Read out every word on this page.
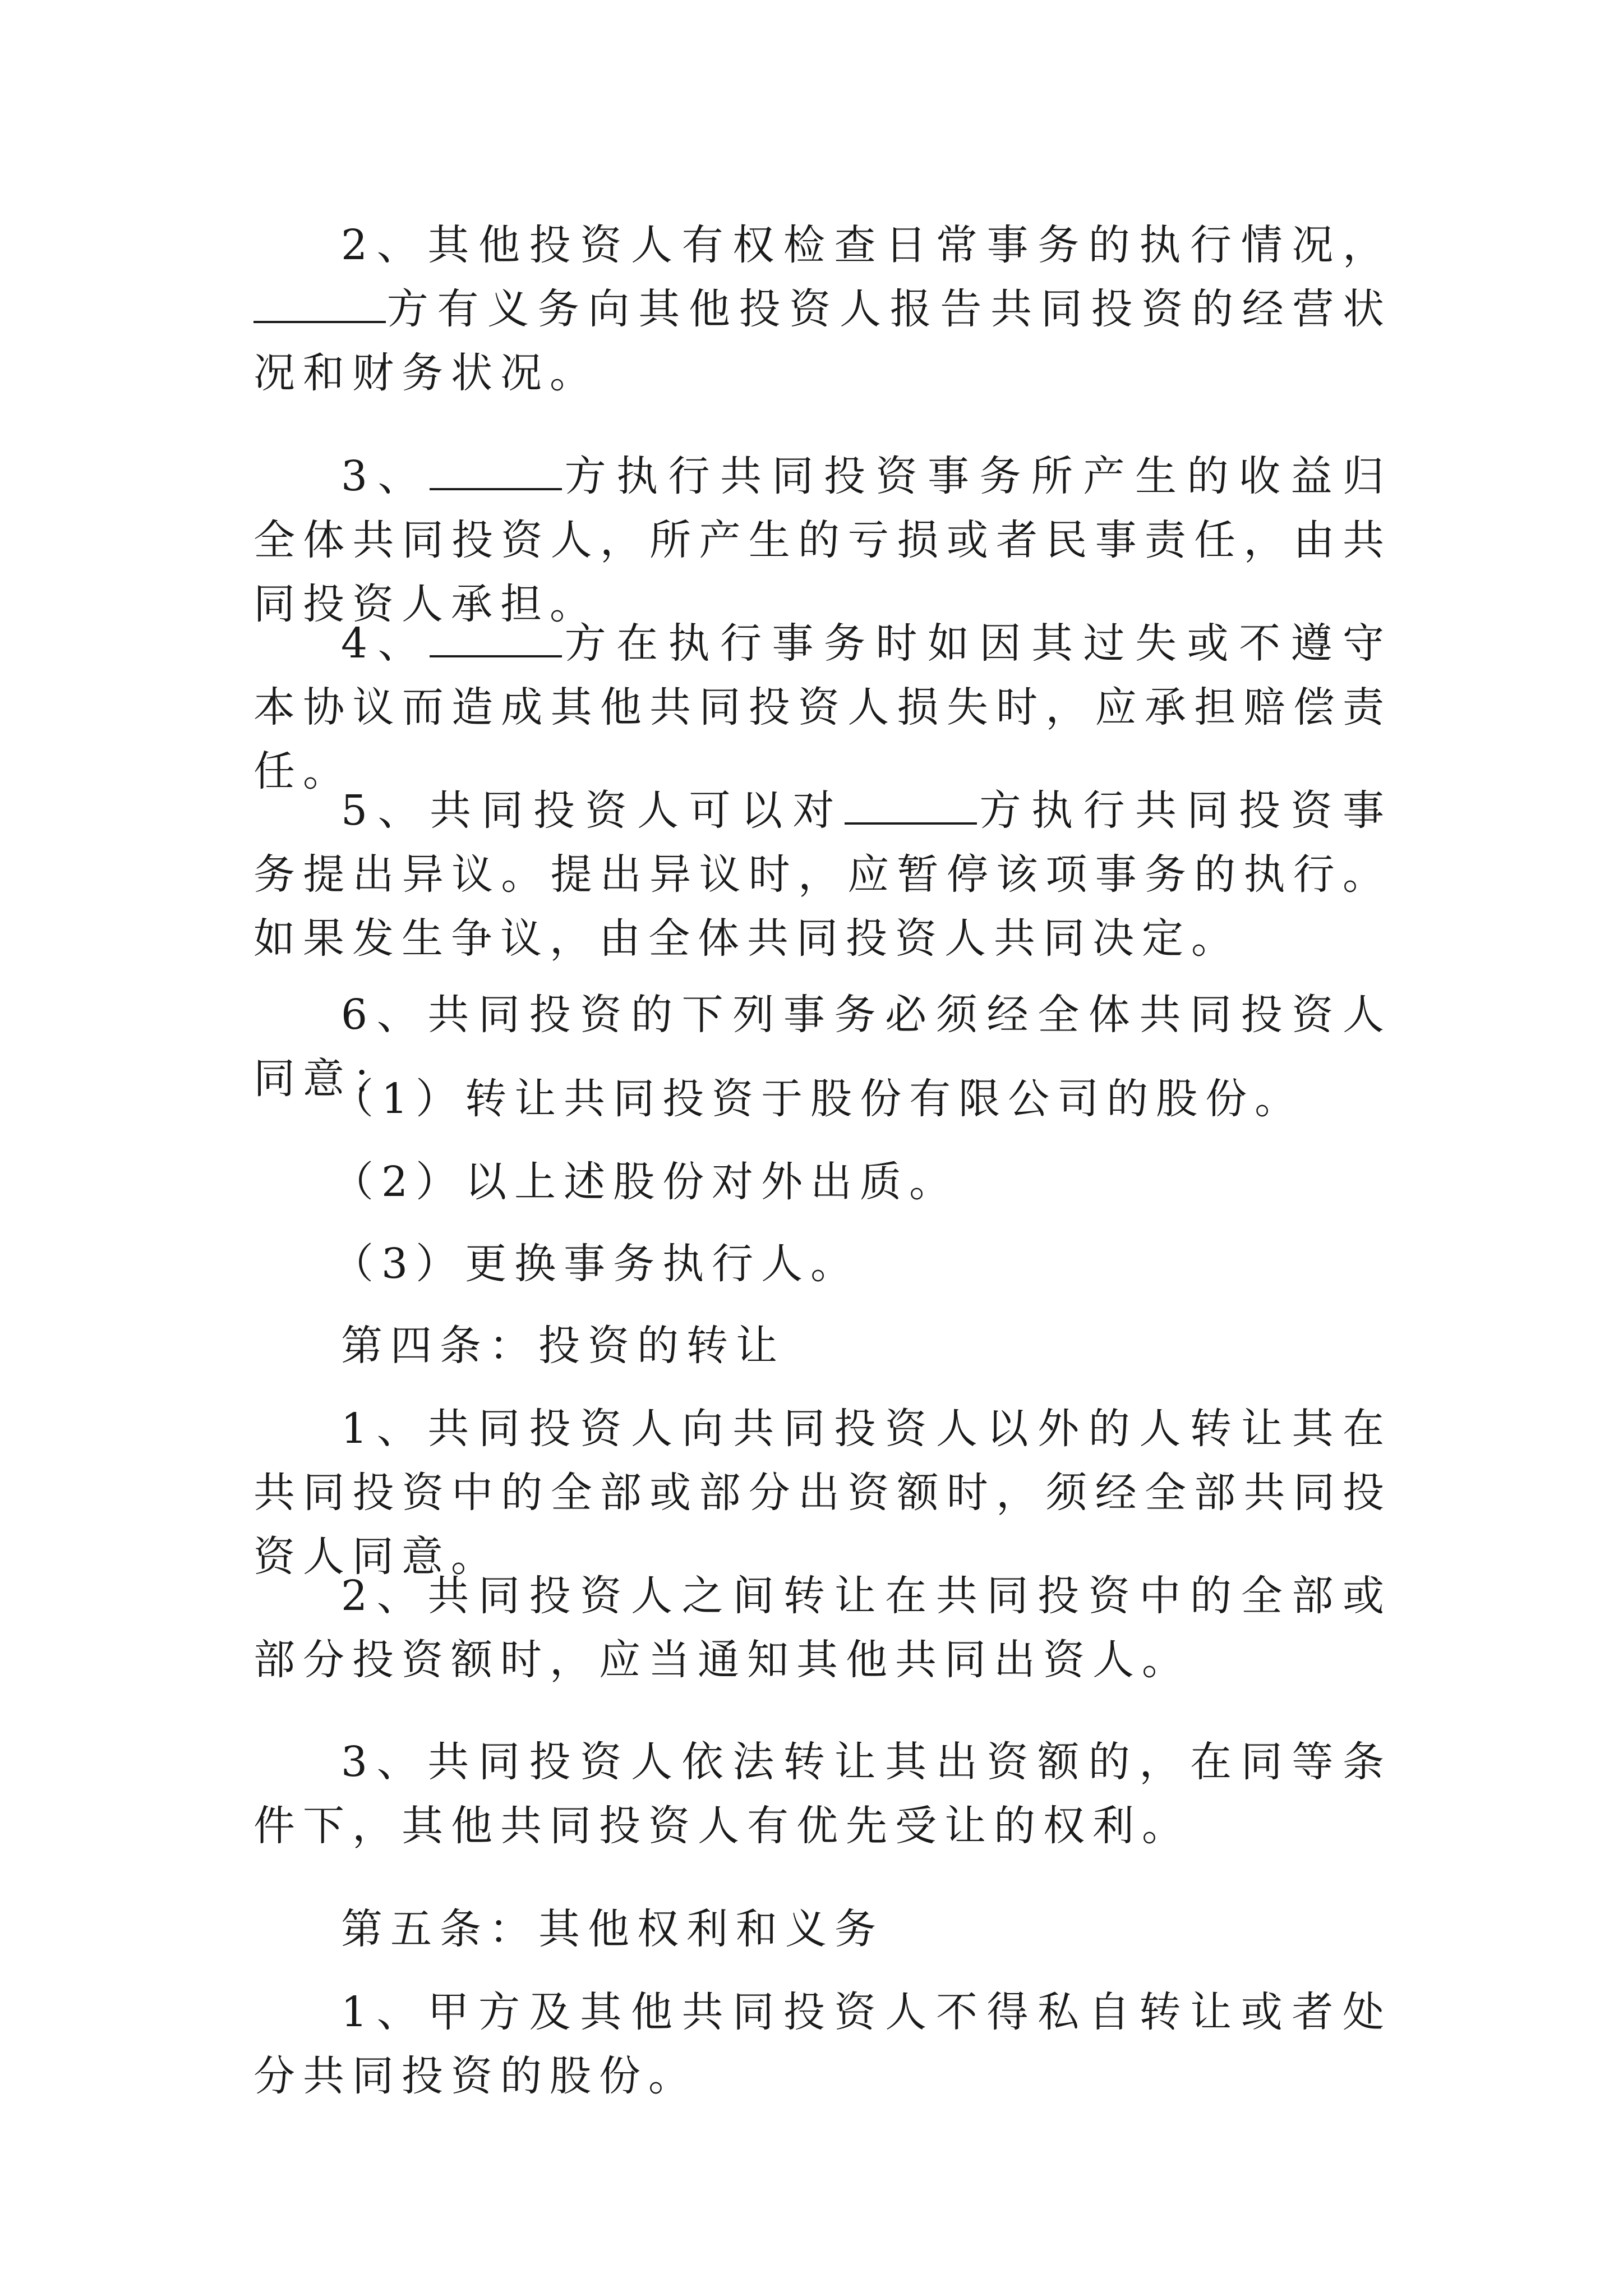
2、其他投资人有权检查日常事务的执行情况，方有义务向其他投资人报告共同投资的经营状况和财务状况。

3、	方执行共同投资事务所产生的收益归全体共同投资人，所产生的亏损或者民事责任，由共同投资人承担。

4、	方在执行事务时如因其过失或不遵守本协议而造成其他共同投资人损失时，应承担赔偿责任。

5、共同投资人可以对	方执行共同投资事务提出异议。提出异议时，应暂停该项事务的执行。如果发生争议，由全体共同投资人共同决定。

6、共同投资的下列事务必须经全体共同投资人同意：

（1）转让共同投资于股份有限公司的股份。

（2）以上述股份对外出质。

（3）更换事务执行人。

第四条：投资的转让

1、共同投资人向共同投资人以外的人转让其在共同投资中的全部或部分出资额时，须经全部共同投资人同意。

2、共同投资人之间转让在共同投资中的全部或部分投资额时，应当通知其他共同出资人。

3、共同投资人依法转让其出资额的，在同等条件下，其他共同投资人有优先受让的权利。

第五条：其他权利和义务

1、甲方及其他共同投资人不得私自转让或者处分共同投资的股份。
